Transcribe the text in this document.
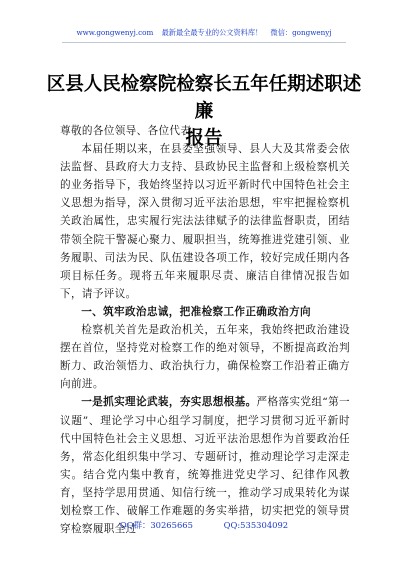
www.gongwenyj.com 最新最全最专业的公文资料库！ 微信：gongwenyj
区县人民检察院检察长五年任期述职述廉
报告

尊敬的各位领导、各位代表：

本届任期以来，在县委坚强领导、县人大及其常委会依法监督、县政府大力支持、县政协民主监督和上级检察机关的业务指导下，我始终坚持以习近平新时代中国特色社会主义思想为指导，深入贯彻习近平法治思想，牢牢把握检察机关政治属性，忠实履行宪法法律赋予的法律监督职责，团结带领全院干警凝心聚力、履职担当，统筹推进党建引领、业务履职、司法为民、队伍建设各项工作，较好完成任期内各项目标任务。现将五年来履职尽责、廉洁自律情况报告如下，请予评议。

一、筑牢政治忠诚，把准检察工作正确政治方向

检察机关首先是政治机关，五年来，我始终把政治建设摆在首位，坚持党对检察工作的绝对领导，不断提高政治判断力、政治领悟力、政治执行力，确保检察工作沿着正确方向前进。

一是抓实理论武装，夯实思想根基。严格落实党组“第一议题”、理论学习中心组学习制度，把学习贯彻习近平新时代中国特色社会主义思想、习近平法治思想作为首要政治任务，常态化组织集中学习、专题研讨，推动理论学习走深走实。结合党内集中教育，统筹推进党史学习、纪律作风教育，坚持学思用贯通、知信行统一，推动学习成果转化为谋划检察工作、破解工作难题的务实举措，切实把党的领导贯穿检察履职全过

QQ群：30265665	QQ:535304092
